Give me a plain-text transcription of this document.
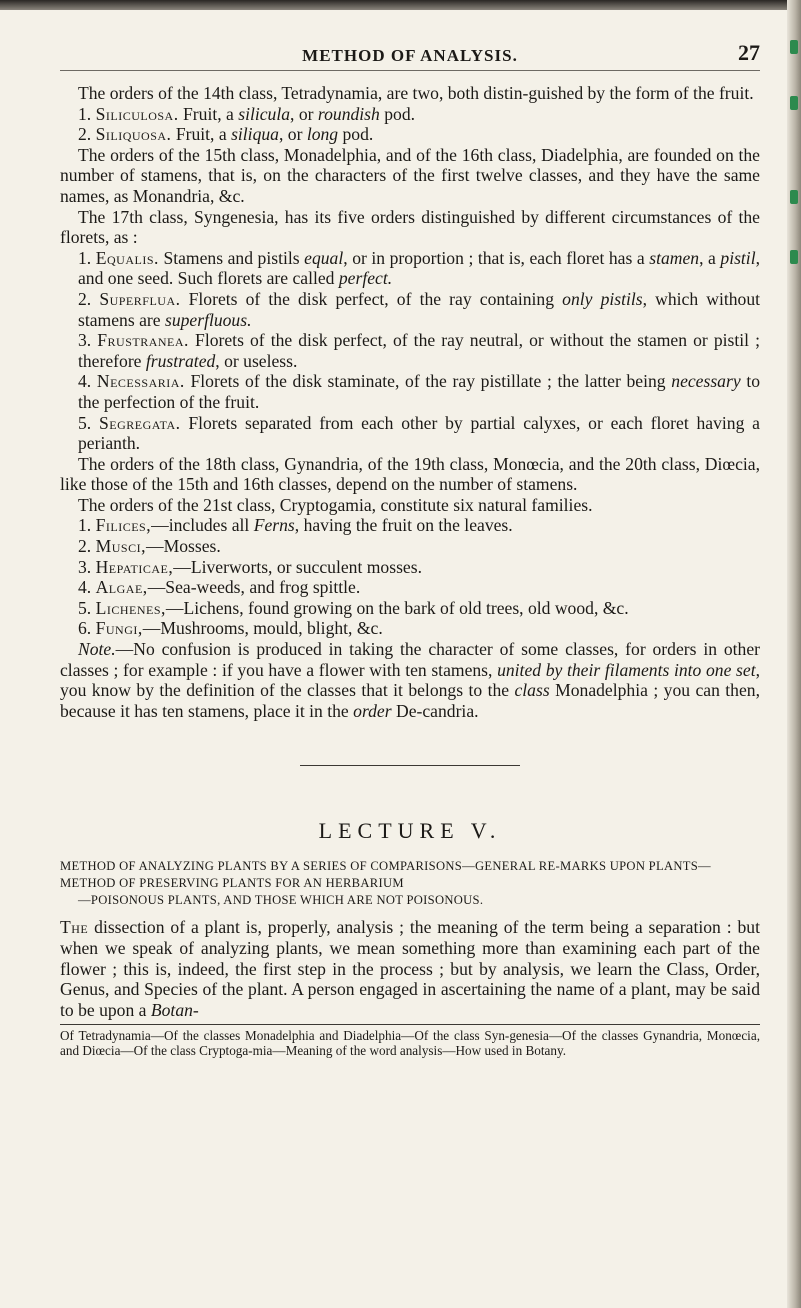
METHOD OF ANALYSIS.	27

The orders of the 14th class, Tetradynamia, are two, both distin-guished by the form of the fruit.

1. Siliculosa. Fruit, a silicula, or roundish pod.

2. Siliquosa. Fruit, a siliqua, or long pod.

The orders of the 15th class, Monadelphia, and of the 16th class, Diadelphia, are founded on the number of stamens, that is, on the characters of the first twelve classes, and they have the same names, as Monandria, &c.

The 17th class, Syngenesia, has its five orders distinguished by different circumstances of the florets, as :

1. Equalis. Stamens and pistils equal, or in proportion ; that is, each floret has a stamen, a pistil, and one seed. Such florets are called perfect.

2. Superflua. Florets of the disk perfect, of the ray containing only pistils, which without stamens are superfluous.

3. Frustranea. Florets of the disk perfect, of the ray neutral, or without the stamen or pistil ; therefore frustrated, or useless.

4. Necessaria. Florets of the disk staminate, of the ray pistillate ; the latter being necessary to the perfection of the fruit.

5. Segregata. Florets separated from each other by partial calyxes, or each floret having a perianth.

The orders of the 18th class, Gynandria, of the 19th class, Monœcia, and the 20th class, Diœcia, like those of the 15th and 16th classes, depend on the number of stamens.

The orders of the 21st class, Cryptogamia, constitute six natural families.

1. Filices,—includes all Ferns, having the fruit on the leaves.

2. Musci,—Mosses.

3. Hepaticae,—Liverworts, or succulent mosses.

4. Algae,—Sea-weeds, and frog spittle.

5. Lichenes,—Lichens, found growing on the bark of old trees, old wood, &c.

6. Fungi,—Mushrooms, mould, blight, &c.

Note.—No confusion is produced in taking the character of some classes, for orders in other classes ; for example : if you have a flower with ten stamens, united by their filaments into one set, you know by the definition of the classes that it belongs to the class Monadelphia ; you can then, because it has ten stamens, place it in the order De-candria.

LECTURE V.
METHOD OF ANALYZING PLANTS BY A SERIES OF COMPARISONS—GENERAL RE-MARKS UPON PLANTS—METHOD OF PRESERVING PLANTS FOR AN HERBARIUM
—POISONOUS PLANTS, AND THOSE WHICH ARE NOT POISONOUS.

The dissection of a plant is, properly, analysis ; the meaning of the term being a separation : but when we speak of analyzing plants, we mean something more than examining each part of the flower ; this is, indeed, the first step in the process ; but by analysis, we learn the Class, Order, Genus, and Species of the plant. A person engaged in ascertaining the name of a plant, may be said to be upon a Botan-

Of Tetradynamia—Of the classes Monadelphia and Diadelphia—Of the class Syn-genesia—Of the classes Gynandria, Monœcia, and Diœcia—Of the class Cryptoga-mia—Meaning of the word analysis—How used in Botany.
